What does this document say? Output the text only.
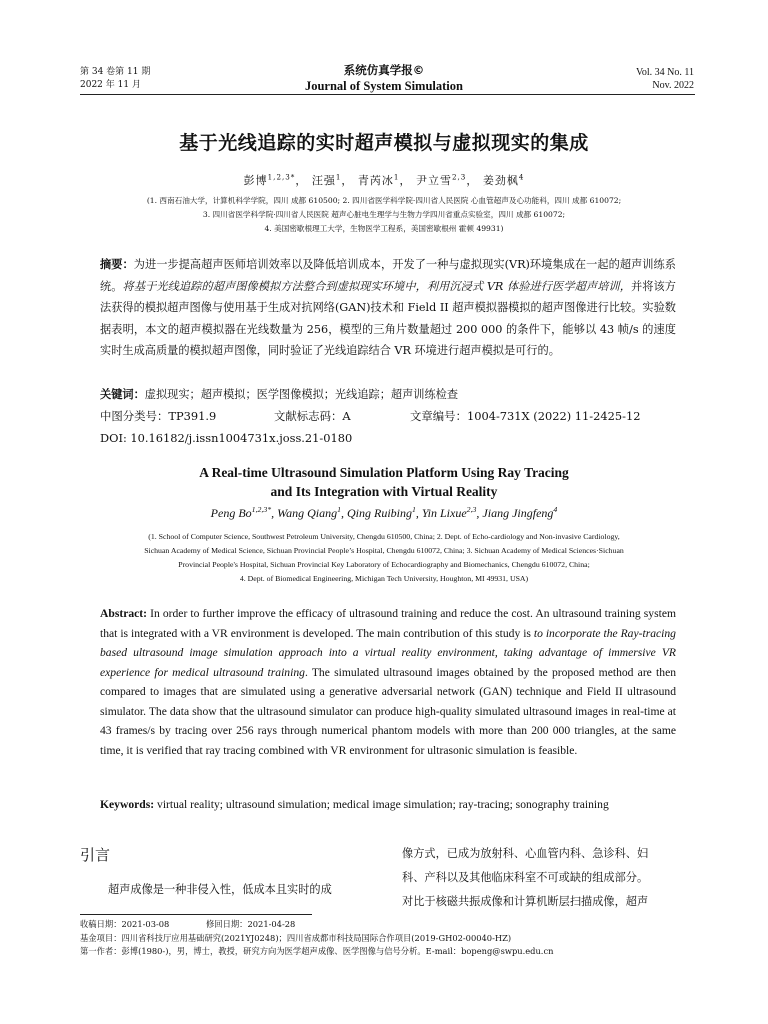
第 34 卷第 11 期
2022 年 11 月
系统仿真学报©
Journal of System Simulation
Vol. 34 No. 11
Nov. 2022
基于光线追踪的实时超声模拟与虚拟现实的集成
彭博$^{1,2,3*}$， 汪强$^1$， 青芮冰$^1$， 尹立雪$^{2,3}$， 姜劲枫$^4$
(1. 西南石油大学，计算机科学学院，四川 成都 610500; 2. 四川省医学科学院·四川省人民医院 心血管超声及心功能科，四川 成都 610072;
3. 四川省医学科学院·四川省人民医院 超声心脏电生理学与生物力学四川省重点实验室，四川 成都 610072;
4. 美国密歇根理工大学，生物医学工程系，美国密歇根州 霍顿 49931)
摘要：为进一步提高超声医师培训效率以及降低培训成本，开发了一种与虚拟现实(VR)环境集成在一起的超声训练系统。将基于光线追踪的超声图像模拟方法整合到虚拟现实环境中，利用沉浸式 VR 体验进行医学超声培训，并将该方法获得的模拟超声图像与使用基于生成对抗网络(GAN)技术和 Field II 超声模拟器模拟的超声图像进行比较。实验数据表明，本文的超声模拟器在光线数量为 256，模型的三角片数量超过 200 000 的条件下，能够以 43 帧/s 的速度实时生成高质量的模拟超声图像，同时验证了光线追踪结合 VR 环境进行超声模拟是可行的。
关键词：虚拟现实；超声模拟；医学图像模拟；光线追踪；超声训练检查
中图分类号：TP391.9	文献标志码：A	文章编号：1004-731X (2022) 11-2425-12
DOI: 10.16182/j.issn1004731x.joss.21-0180
A Real-time Ultrasound Simulation Platform Using Ray Tracing
and Its Integration with Virtual Reality
Peng $Bo^{1,2,3*}$, Wang Qiang$^1$, Qing Ruibing$^1$, Yin Lixue$^{2,3}$, Jiang Jingfeng$^4$
(1. School of Computer Science, Southwest Petroleum University, Chengdu 610500, China; 2. Dept. of Echo-cardiology and Non-invasive Cardiology,
Sichuan Academy of Medical Science, Sichuan Provincial People’s Hospital, Chengdu 610072, China; 3. Sichuan Academy of Medical Sciences·Sichuan
Provincial People's Hospital, Sichuan Provincial Key Laboratory of Echocardiography and Biomechanics, Chengdu 610072, China;
4. Dept. of Biomedical Engineering, Michigan Tech University, Houghton, MI 49931, USA)
Abstract: In order to further improve the efficacy of ultrasound training and reduce the cost. An ultrasound training system that is integrated with a VR environment is developed. The main contribution of this study is to incorporate the Ray-tracing based ultrasound image simulation approach into a virtual reality environment, taking advantage of immersive VR experience for medical ultrasound training. The simulated ultrasound images obtained by the proposed method are then compared to images that are simulated using a generative adversarial network (GAN) technique and Field II ultrasound simulator. The data show that the ultrasound simulator can produce high-quality simulated ultrasound images in real-time at 43 frames/s by tracing over 256 rays through numerical phantom models with more than 200 000 triangles, at the same time, it is verified that ray tracing combined with VR environment for ultrasonic simulation is feasible.
Keywords: virtual reality; ultrasound simulation; medical image simulation; ray-tracing; sonography training
引言
超声成像是一种非侵入性，低成本且实时的成
像方式，已成为放射科、心血管内科、急诊科、妇
科、产科以及其他临床科室不可或缺的组成部分。
对比于核磁共振成像和计算机断层扫描成像，超声
收稿日期：2021-03-08	修回日期：2021-04-28
基金项目：四川省科技厅应用基础研究(2021YJ0248)；四川省成都市科技局国际合作项目(2019-GH02-00040-HZ)
第一作者：彭博(1980-)，男，博士，教授，研究方向为医学超声成像、医学图像与信号分析。E-mail：bopeng@swpu.edu.cn
